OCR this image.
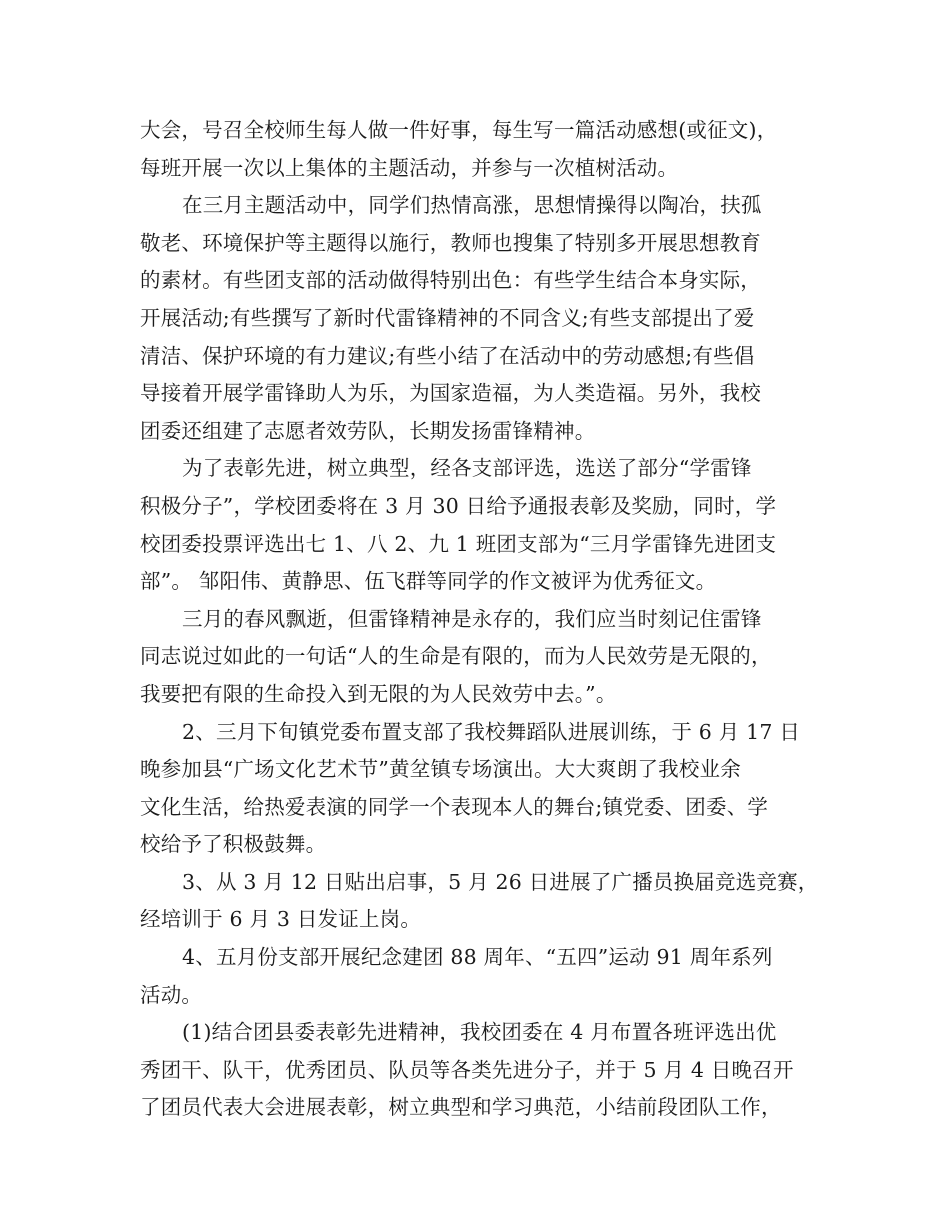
大会，号召全校师生每人做一件好事，每生写一篇活动感想(或征文)，
每班开展一次以上集体的主题活动，并参与一次植树活动。
在三月主题活动中，同学们热情高涨，思想情操得以陶冶，扶孤
敬老、环境保护等主题得以施行，教师也搜集了特别多开展思想教育
的素材。有些团支部的活动做得特别出色：有些学生结合本身实际，
开展活动;有些撰写了新时代雷锋精神的不同含义;有些支部提出了爱
清洁、保护环境的有力建议;有些小结了在活动中的劳动感想;有些倡
导接着开展学雷锋助人为乐，为国家造福，为人类造福。另外，我校
团委还组建了志愿者效劳队，长期发扬雷锋精神。
为了表彰先进，树立典型，经各支部评选，选送了部分“学雷锋
积极分子”，学校团委将在 3 月 30 日给予通报表彰及奖励，同时，学
校团委投票评选出七 1、八 2、九 1 班团支部为“三月学雷锋先进团支
部”。 邹阳伟、黄静思、伍飞群等同学的作文被评为优秀征文。
三月的春风飘逝，但雷锋精神是永存的，我们应当时刻记住雷锋
同志说过如此的一句话“人的生命是有限的，而为人民效劳是无限的，
我要把有限的生命投入到无限的为人民效劳中去。”。
2、三月下旬镇党委布置支部了我校舞蹈队进展训练，于 6 月 17 日
晚参加县“广场文化艺术节”黄坌镇专场演出。大大爽朗了我校业余
文化生活，给热爱表演的同学一个表现本人的舞台;镇党委、团委、学
校给予了积极鼓舞。
3、从 3 月 12 日贴出启事，5 月 26 日进展了广播员换届竞选竞赛，
经培训于 6 月 3 日发证上岗。
4、五月份支部开展纪念建团 88 周年、“五四”运动 91 周年系列
活动。
(1)结合团县委表彰先进精神，我校团委在 4 月布置各班评选出优
秀团干、队干，优秀团员、队员等各类先进分子，并于 5 月 4 日晚召开
了团员代表大会进展表彰，树立典型和学习典范，小结前段团队工作，
